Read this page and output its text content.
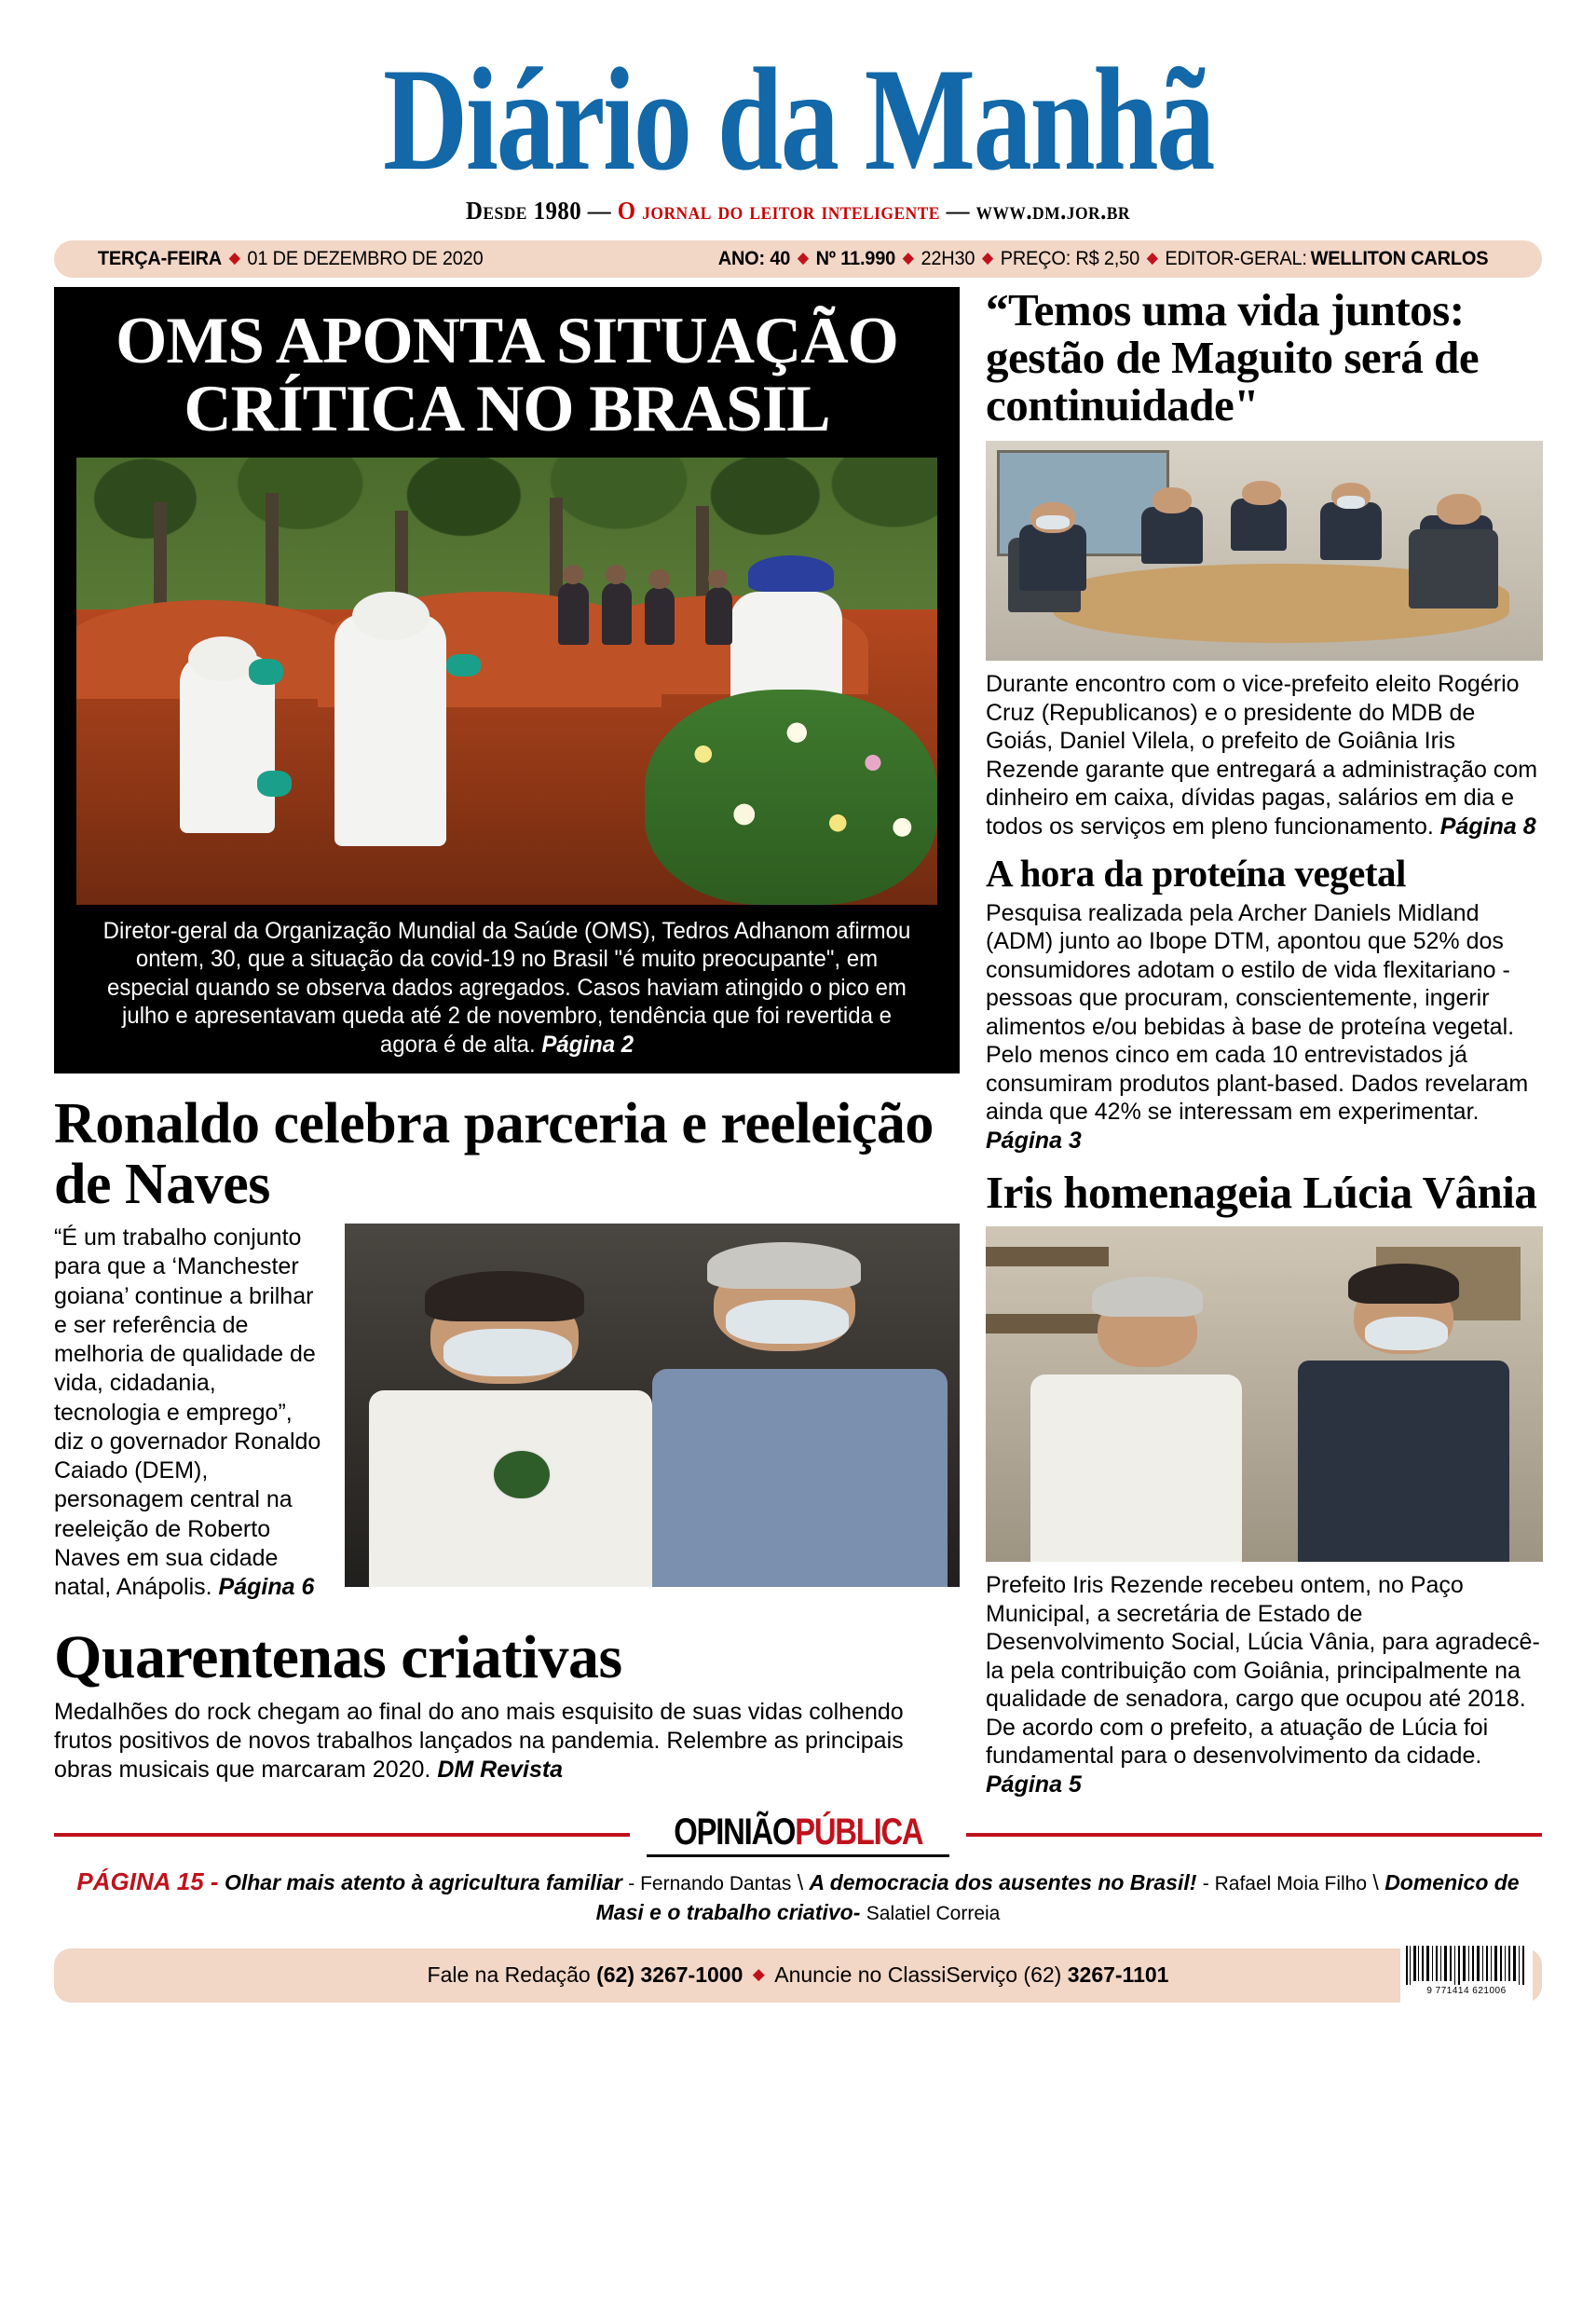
Diário da Manhã
Desde 1980 — O jornal do leitor inteligente — www.dm.jor.br
TERÇA-FEIRA ◆ 01 DE DEZEMBRO DE 2020	ANO: 40 ◆ Nº 11.990 ◆ 22H30 ◆ PREÇO: R$ 2,50 ◆ EDITOR-GERAL: WELLITON CARLOS
OMS APONTA SITUAÇÃO CRÍTICA NO BRASIL
Diretor-geral da Organização Mundial da Saúde (OMS), Tedros Adhanom afirmou ontem, 30, que a situação da covid-19 no Brasil "é muito preocupante", em especial quando se observa dados agregados. Casos haviam atingido o pico em julho e apresentavam queda até 2 de novembro, tendência que foi revertida e agora é de alta. Página 2
Ronaldo celebra parceria e reeleição de Naves
“É um trabalho conjunto para que a ‘Manchester goiana’ continue a brilhar e ser referência de melhoria de qualidade de vida, cidadania, tecnologia e emprego”, diz o governador Ronaldo Caiado (DEM), personagem central na reeleição de Roberto Naves em sua cidade natal, Anápolis. Página 6
Quarentenas criativas
Medalhões do rock chegam ao final do ano mais esquisito de suas vidas colhendo frutos positivos de novos trabalhos lançados na pandemia. Relembre as principais obras musicais que marcaram 2020. DM Revista
“Temos uma vida juntos: gestão de Maguito será de continuidade"
Durante encontro com o vice-prefeito eleito Rogério Cruz (Republicanos) e o presidente do MDB de Goiás, Daniel Vilela, o prefeito de Goiânia Iris Rezende garante que entregará a administração com dinheiro em caixa, dívidas pagas, salários em dia e todos os serviços em pleno funcionamento. Página 8
A hora da proteína vegetal
Pesquisa realizada pela Archer Daniels Midland (ADM) junto ao Ibope DTM, apontou que 52% dos consumidores adotam o estilo de vida flexitariano - pessoas que procuram, conscientemente, ingerir alimentos e/ou bebidas à base de proteína vegetal. Pelo menos cinco em cada 10 entrevistados já consumiram produtos plant-based. Dados revelaram ainda que 42% se interessam em experimentar. Página 3
Iris homenageia Lúcia Vânia
Prefeito Iris Rezende recebeu ontem, no Paço Municipal, a secretária de Estado de Desenvolvimento Social, Lúcia Vânia, para agradecê-la pela contribuição com Goiânia, principalmente na qualidade de senadora, cargo que ocupou até 2018. De acordo com o prefeito, a atuação de Lúcia foi fundamental para o desenvolvimento da cidade. Página 5
OPINIÃOPÚBLICA
PÁGINA 15 - Olhar mais atento à agricultura familiar - Fernando Dantas \ A democracia dos ausentes no Brasil! - Rafael Moia Filho \ Domenico de Masi e o trabalho criativo- Salatiel Correia
Fale na Redação
(62) 3267-1000
◆
Anuncie no ClassiServiço (62)
3267-1101
9 771414 621006
